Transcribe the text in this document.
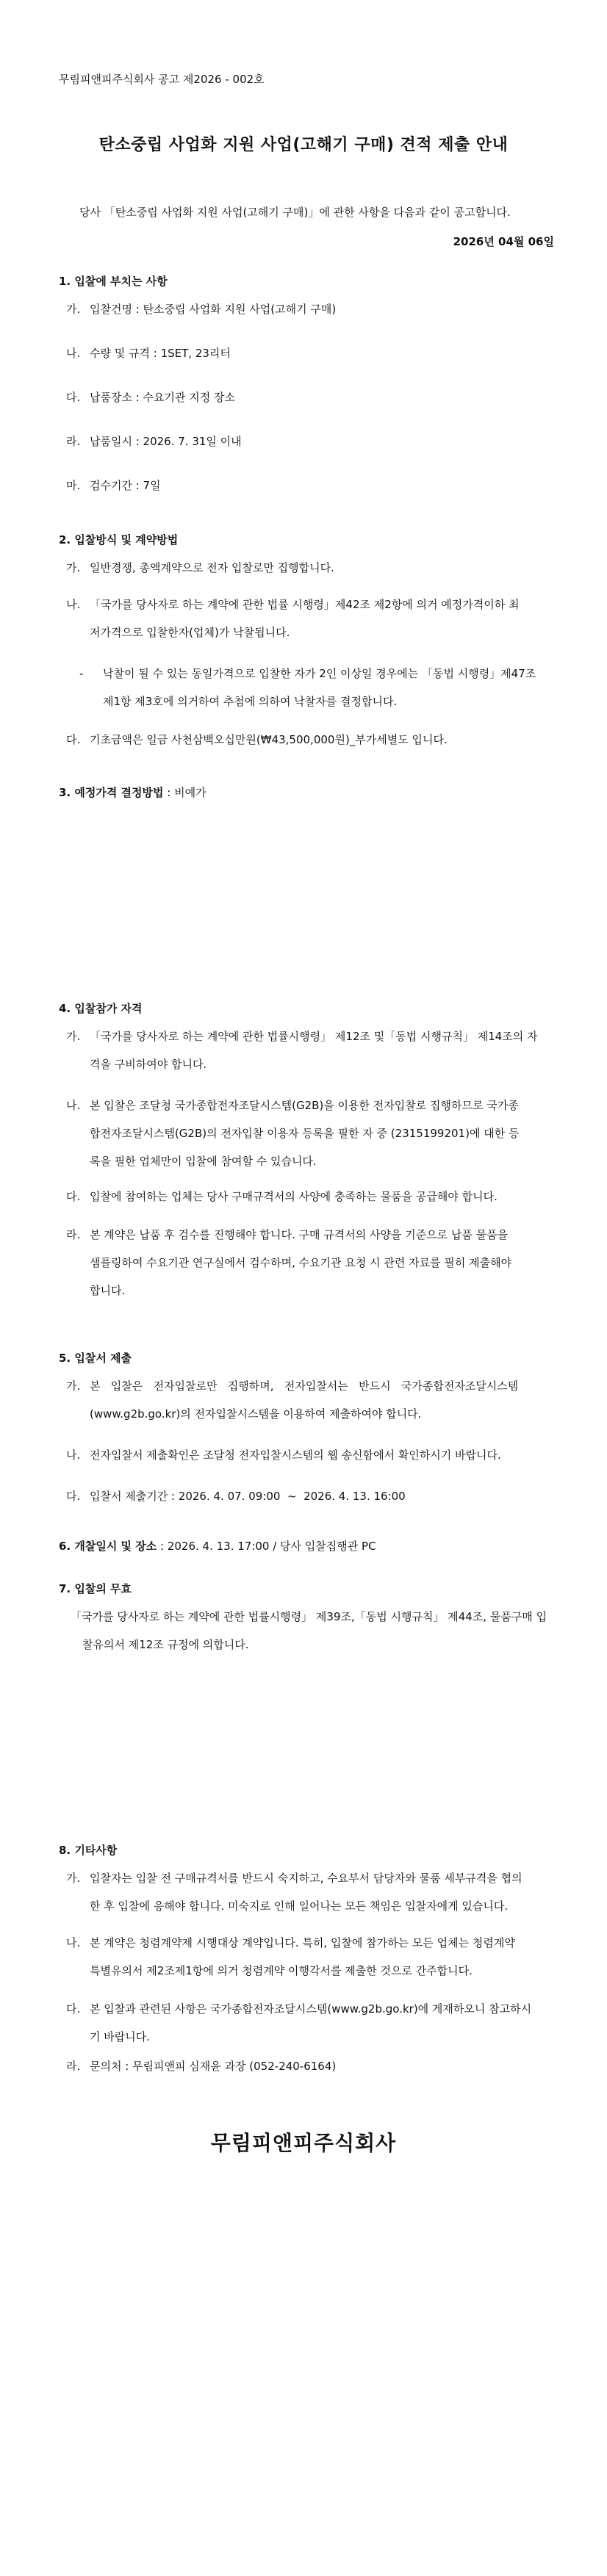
무림피앤피주식회사 공고 제2026 - 002호
탄소중립 사업화 지원 사업(고해기 구매) 견적 제출 안내
당사 「탄소중립 사업화 지원 사업(고해기 구매)」에 관한 사항을 다음과 같이 공고합니다.
2026년 04월 06일
1. 입찰에 부치는 사항
가. 입찰건명 : 탄소중립 사업화 지원 사업(고해기 구매)
나. 수량 및 규격 : 1SET, 23리터
다. 납품장소 : 수요기관 지정 장소
라. 납품일시 : 2026. 7. 31일 이내
마. 검수기간 : 7일
2. 입찰방식 및 계약방법
가. 일반경쟁, 총액계약으로 전자 입찰로만 집행합니다.
나. 「국가를 당사자로 하는 계약에 관한 법률 시행령」제42조 제2항에 의거 예정가격이하 최
저가격으로 입찰한자(업체)가 낙찰됩니다.
- 낙찰이 될 수 있는 동일가격으로 입찰한 자가 2인 이상일 경우에는 「동법 시행령」제47조
제1항 제3호에 의거하여 추첨에 의하여 낙찰자를 결정합니다.
다. 기초금액은 일금 사천삼백오십만원(₩43,500,000원)_부가세별도 입니다.
3. 예정가격 결정방법 : 비예가
4. 입찰참가 자격
가. 「국가를 당사자로 하는 계약에 관한 법률시행령」 제12조 및「동법 시행규칙」 제14조의 자
격을 구비하여야 합니다.
나. 본 입찰은 조달청 국가종합전자조달시스템(G2B)을 이용한 전자입찰로 집행하므로 국가종
합전자조달시스템(G2B)의 전자입찰 이용자 등록을 필한 자 중 (2315199201)에 대한 등
록을 필한 업체만이 입찰에 참여할 수 있습니다.
다. 입찰에 참여하는 업체는 당사 구매규격서의 사양에 충족하는 물품을 공급해야 합니다.
라. 본 계약은 납품 후 검수를 진행해야 합니다. 구매 규격서의 사양을 기준으로 납품 물품을
샘플링하여 수요기관 연구실에서 검수하며, 수요기관 요청 시 관련 자료를 필히 제출해야
합니다.
5. 입찰서 제출
가. 본   입찰은   전자입찰로만   집행하며,   전자입찰서는   반드시   국가종합전자조달시스템
(www.g2b.go.kr)의 전자입찰시스템을 이용하여 제출하여야 합니다.
나. 전자입찰서 제출확인은 조달청 전자입찰시스템의 웹 송신함에서 확인하시기 바랍니다.
다. 입찰서 제출기간 : 2026. 4. 07. 09:00  ~  2026. 4. 13. 16:00
6. 개찰일시 및 장소 : 2026. 4. 13. 17:00 / 당사 입찰집행관 PC
7. 입찰의 무효
「국가를 당사자로 하는 계약에 관한 법률시행령」 제39조,「동법 시행규칙」 제44조, 물품구매 입
찰유의서 제12조 규정에 의합니다.
8. 기타사항
가. 입찰자는 입찰 전 구매규격서를 반드시 숙지하고, 수요부서 담당자와 물품 세부규격을 협의
한 후 입찰에 응해야 합니다. 미숙지로 인해 일어나는 모든 책임은 입찰자에게 있습니다.
나. 본 계약은 청렴계약제 시행대상 계약입니다. 특히, 입찰에 참가하는 모든 업체는 청렴계약
특별유의서 제2조제1항에 의거 청렴계약 이행각서를 제출한 것으로 간주합니다.
다. 본 입찰과 관련된 사항은 국가종합전자조달시스템(www.g2b.go.kr)에 게재하오니 참고하시
기 바랍니다.
라. 문의처 : 무림피앤피 심재윤 과장 (052-240-6164)
무림피앤피주식회사
